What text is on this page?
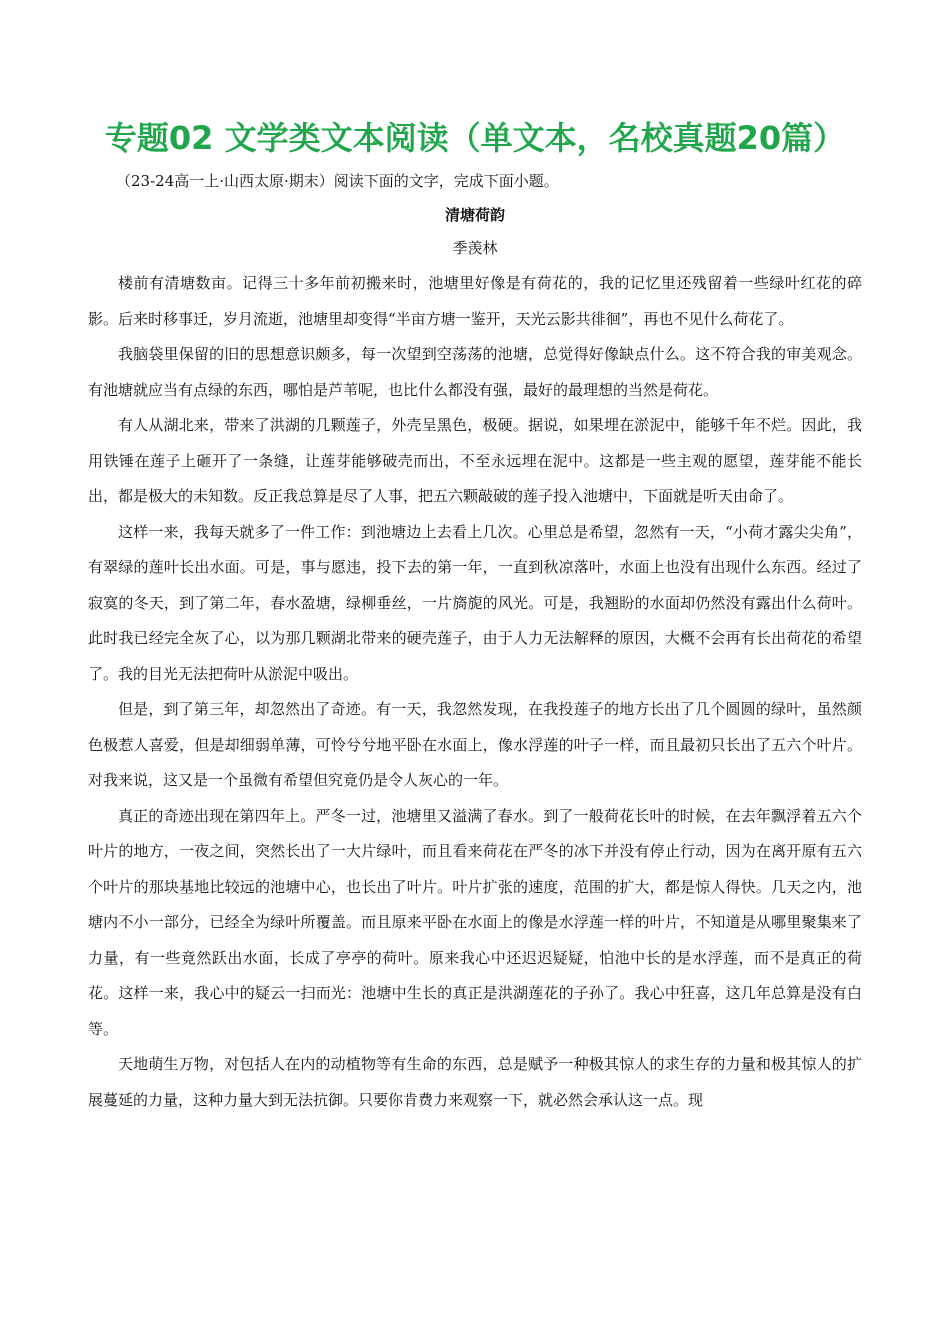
专题02 文学类文本阅读（单文本，名校真题20篇）
（23-24高一上·山西太原·期末）阅读下面的文字，完成下面小题。
清塘荷韵
季羡林

楼前有清塘数亩。记得三十多年前初搬来时，池塘里好像是有荷花的，我的记忆里还残留着一些绿叶红花的碎影。后来时移事迁，岁月流逝，池塘里却变得“半亩方塘一鉴开，天光云影共徘徊”，再也不见什么荷花了。

我脑袋里保留的旧的思想意识颇多，每一次望到空荡荡的池塘，总觉得好像缺点什么。这不符合我的审美观念。有池塘就应当有点绿的东西，哪怕是芦苇呢，也比什么都没有强，最好的最理想的当然是荷花。

有人从湖北来，带来了洪湖的几颗莲子，外壳呈黑色，极硬。据说，如果埋在淤泥中，能够千年不烂。因此，我用铁锤在莲子上砸开了一条缝，让莲芽能够破壳而出，不至永远埋在泥中。这都是一些主观的愿望，莲芽能不能长出，都是极大的未知数。反正我总算是尽了人事，把五六颗敲破的莲子投入池塘中，下面就是听天由命了。

这样一来，我每天就多了一件工作：到池塘边上去看上几次。心里总是希望，忽然有一天，“小荷才露尖尖角”，有翠绿的莲叶长出水面。可是，事与愿违，投下去的第一年，一直到秋凉落叶，水面上也没有出现什么东西。经过了寂寞的冬天，到了第二年，春水盈塘，绿柳垂丝，一片旖旎的风光。可是，我翘盼的水面却仍然没有露出什么荷叶。此时我已经完全灰了心，以为那几颗湖北带来的硬壳莲子，由于人力无法解释的原因，大概不会再有长出荷花的希望了。我的目光无法把荷叶从淤泥中吸出。

但是，到了第三年，却忽然出了奇迹。有一天，我忽然发现，在我投莲子的地方长出了几个圆圆的绿叶，虽然颜色极惹人喜爱，但是却细弱单薄，可怜兮兮地平卧在水面上，像水浮莲的叶子一样，而且最初只长出了五六个叶片。对我来说，这又是一个虽微有希望但究竟仍是令人灰心的一年。

真正的奇迹出现在第四年上。严冬一过，池塘里又溢满了春水。到了一般荷花长叶的时候，在去年飘浮着五六个叶片的地方，一夜之间，突然长出了一大片绿叶，而且看来荷花在严冬的冰下并没有停止行动，因为在离开原有五六个叶片的那块基地比较远的池塘中心，也长出了叶片。叶片扩张的速度，范围的扩大，都是惊人得快。几天之内，池塘内不小一部分，已经全为绿叶所覆盖。而且原来平卧在水面上的像是水浮莲一样的叶片，不知道是从哪里聚集来了力量，有一些竟然跃出水面，长成了亭亭的荷叶。原来我心中还迟迟疑疑，怕池中长的是水浮莲，而不是真正的荷花。这样一来，我心中的疑云一扫而光：池塘中生长的真正是洪湖莲花的子孙了。我心中狂喜，这几年总算是没有白等。

天地萌生万物，对包括人在内的动植物等有生命的东西，总是赋予一种极其惊人的求生存的力量和极其惊人的扩展蔓延的力量，这种力量大到无法抗御。只要你肯费力来观察一下，就必然会承认这一点。现
